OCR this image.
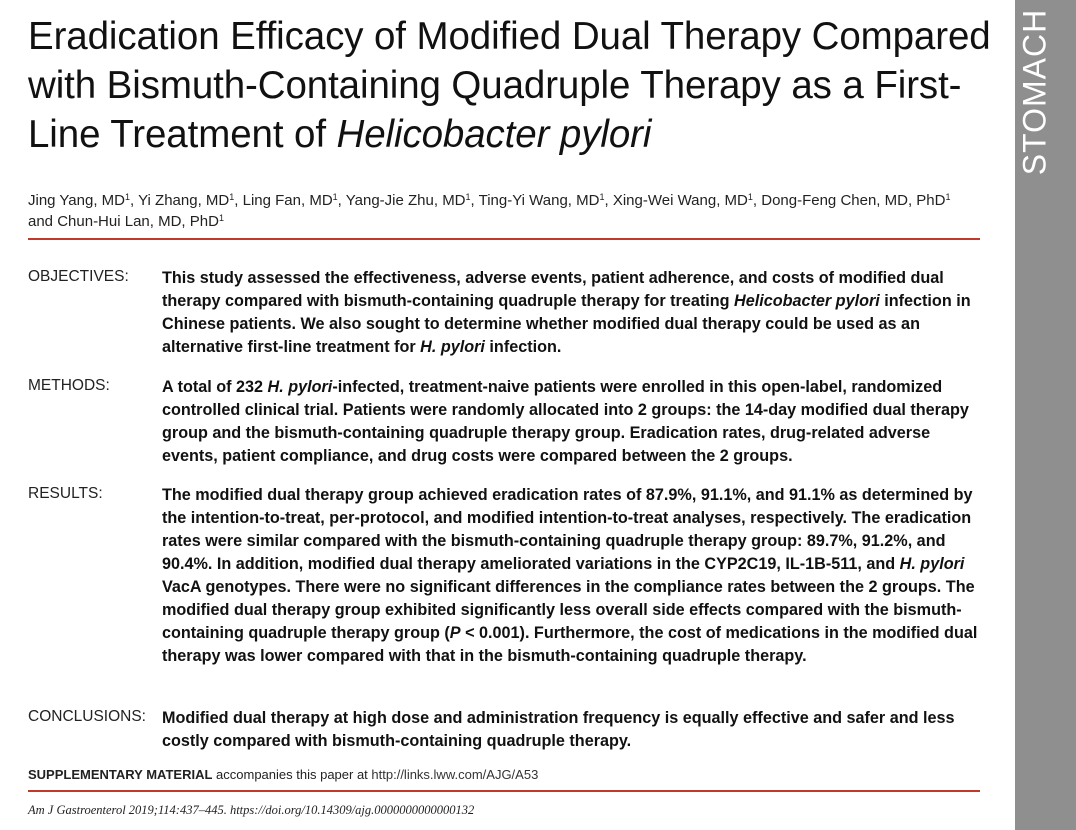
STOMACH
Eradication Efficacy of Modified Dual Therapy Compared with Bismuth-Containing Quadruple Therapy as a First-Line Treatment of Helicobacter pylori
Jing Yang, $MD^1$, Yi Zhang, $MD^1$, Ling Fan, $MD^1$, Yang-Jie Zhu, $MD^1$, Ting-Yi Wang, $MD^1$, Xing-Wei Wang, $MD^1$, Dong-Feng Chen, MD, PhD$^1$
and Chun-Hui Lan, MD, PhD$^1$
OBJECTIVES: This study assessed the effectiveness, adverse events, patient adherence, and costs of modified dual therapy compared with bismuth-containing quadruple therapy for treating Helicobacter pylori infection in Chinese patients. We also sought to determine whether modified dual therapy could be used as an alternative first-line treatment for H. pylori infection.
METHODS:	A total of 232 H. pylori-infected, treatment-naive patients were enrolled in this open-label, randomized controlled clinical trial. Patients were randomly allocated into 2 groups: the 14-day modified dual therapy group and the bismuth-containing quadruple therapy group. Eradication rates, drug-related adverse events, patient compliance, and drug costs were compared between the 2 groups.
RESULTS:	The modified dual therapy group achieved eradication rates of 87.9%, 91.1%, and 91.1% as determined by the intention-to-treat, per-protocol, and modified intention-to-treat analyses, respectively. The eradication rates were similar compared with the bismuth-containing quadruple therapy group: 89.7%, 91.2%, and 90.4%. In addition, modified dual therapy ameliorated variations in the CYP2C19, IL-1B-511, and H. pylori VacA genotypes. There were no significant differences in the compliance rates between the 2 groups. The modified dual therapy group exhibited significantly less overall side effects compared with the bismuth-containing quadruple therapy group (P < 0.001). Furthermore, the cost of medications in the modified dual therapy was lower compared with that in the bismuth-containing quadruple therapy.
CONCLUSIONS: Modified dual therapy at high dose and administration frequency is equally effective and safer and less costly compared with bismuth-containing quadruple therapy.
SUPPLEMENTARY MATERIAL accompanies this paper at http://links.lww.com/AJG/A53
Am J Gastroenterol 2019;114:437–445. https://doi.org/10.14309/ajg.0000000000000132
